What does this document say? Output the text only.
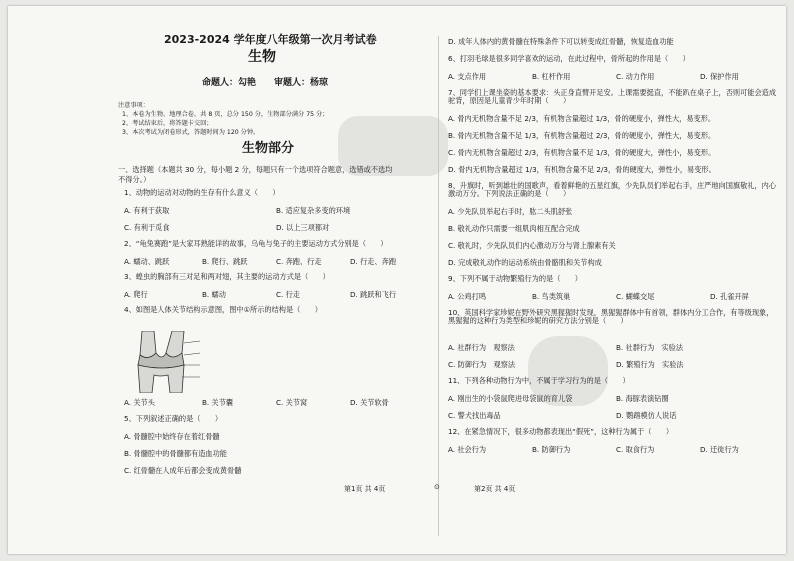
2023-2024 学年度八年级第一次月考试卷
生物
命题人：勾艳　　审题人：杨琼
注意事项：
1、本卷为生物、地理合卷，共 8 页，总分 150 分，生物部分满分 75 分；
2、考试结束后，将答题卡交回；
3、本次考试为闭卷形式，答题时间为 120 分钟。
生物部分
一、选择题（本题共 30 分，每小题 2 分，每题只有一个选项符合题意，选错或不选均
不得分。）
1、动物的运动对动物的生存有什么意义（　　）
A. 有利于获取	B. 适应复杂多变的环境
C. 有利于觅食	D. 以上三项都对
2、“龟兔赛跑”是大家耳熟能详的故事，乌龟与兔子的主要运动方式分别是（　　）
A. 蠕动、跳跃	B. 爬行、跳跃	C. 奔跑、行走	D. 行走、奔跑
3、蝗虫的胸部有三对足和两对翅，其主要的运动方式是（　　）
A. 爬行	B. 蠕动	C. 行走	D. 跳跃和飞行
4、如图是人体关节结构示意图，图中①所示的结构是（　　）
A. 关节头	B. 关节囊	C. 关节窝	D. 关节软骨
5、下列叙述正确的是（　　）
A. 骨髓腔中始终存在着红骨髓
B. 骨髓腔中的骨髓都有造血功能
C. 红骨髓在人成年后都会变成黄骨髓
D. 成年人体内的黄骨髓在特殊条件下可以转变成红骨髓，恢复造血功能
6、打羽毛球是很多同学喜欢的运动，在此过程中，骨所起的作用是（　　）
A. 支点作用	B. 杠杆作用	C. 动力作用	D. 保护作用
7、同学们上课坐姿的基本要求：头正身直臂开足安。上课需要挺直，不能趴在桌子上，否则可能会造成驼背，原因是儿童青少年时期（　　）
A. 骨内无机物含量不足 2/3，有机物含量超过 1/3，骨的硬度小，弹性大，易变形。
B. 骨内无机物含量不足 1/3，有机物含量超过 2/3，骨的硬度小，弹性大，易变形。
C. 骨内无机物含量超过 2/3，有机物含量不足 1/3，骨的硬度大，弹性小，易变形。
D. 骨内无机物含量超过 1/3，有机物含量不足 2/3，骨的硬度大，弹性小，易变形。
8、升旗时，听到雄壮的国歌声，看着鲜艳的五星红旗，少先队员们举起右手，庄严地向国旗敬礼，内心激动万分。下列说法正确的是（　　）
A. 少先队员举起右手时，肱二头肌舒张
B. 敬礼动作只需要一组肌肉相互配合完成
C. 敬礼时，少先队员们内心激动万分与肾上腺素有关
D. 完成敬礼动作的运动系统由骨骼肌和关节构成
9、下列不属于动物繁殖行为的是（　　）
A. 公鸡打鸣	B. 鸟类筑巢	C. 蝴蝶交尾	D. 孔雀开屏
10、英国科学家珍妮在野外研究黑猩猩时发现，黑猩猩群体中有首领，群体内分工合作，有等级现象，黑猩猩的这种行为类型和珍妮的研究方法分别是（　　）
A. 社群行为　观察法	B. 社群行为　实验法
C. 防御行为　观察法	D. 繁殖行为　实验法
11、下列各种动物行为中，不属于学习行为的是（　　）
A. 刚出生的小袋鼠爬进母袋鼠的育儿袋	B. 海豚表演钻圈
C. 警犬找出毒品	D. 鹦鹉模仿人说话
12、在紧急情况下，很多动物都表现出“假死”，这种行为属于（　　）
A. 社会行为	B. 防御行为	C. 取食行为	D. 迁徙行为
第1页 共 4页	⊙	第2页 共 4页
